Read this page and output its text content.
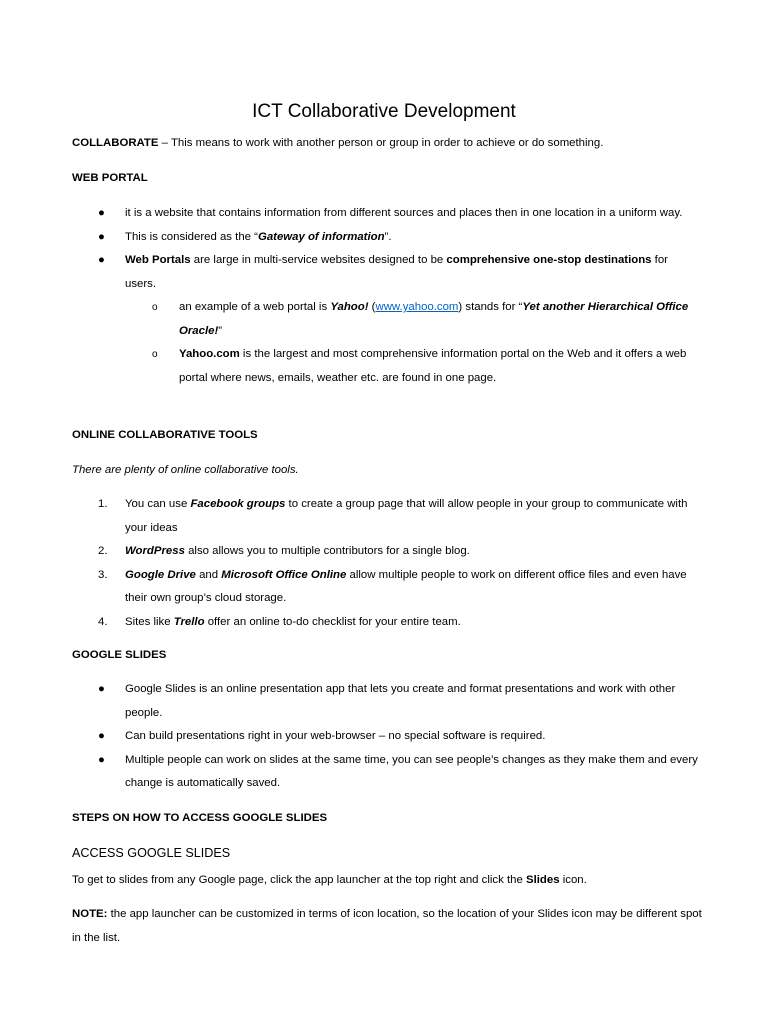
ICT Collaborative Development

COLLABORATE – This means to work with another person or group in order to achieve or do something.

WEB PORTAL

● it is a website that contains information from different sources and places then in one location in a uniform way.
● This is considered as the “Gateway of information”.
● Web Portals are large in multi-service websites designed to be comprehensive one-stop destinations for users.
o an example of a web portal is Yahoo! (www.yahoo.com) stands for “Yet another Hierarchical Office Oracle!”
o Yahoo.com is the largest and most comprehensive information portal on the Web and it offers a web portal where news, emails, weather etc. are found in one page.

ONLINE COLLABORATIVE TOOLS

There are plenty of online collaborative tools.

1. You can use Facebook groups to create a group page that will allow people in your group to communicate with your ideas
2. WordPress also allows you to multiple contributors for a single blog.
3. Google Drive and Microsoft Office Online allow multiple people to work on different office files and even have their own group’s cloud storage.
4. Sites like Trello offer an online to-do checklist for your entire team.

GOOGLE SLIDES

● Google Slides is an online presentation app that lets you create and format presentations and work with other people.
● Can build presentations right in your web-browser – no special software is required.
● Multiple people can work on slides at the same time, you can see people’s changes as they make them and every change is automatically saved.

STEPS ON HOW TO ACCESS GOOGLE SLIDES

ACCESS GOOGLE SLIDES

To get to slides from any Google page, click the app launcher at the top right and click the Slides icon.

NOTE: the app launcher can be customized in terms of icon location, so the location of your Slides icon may be different spot in the list.
